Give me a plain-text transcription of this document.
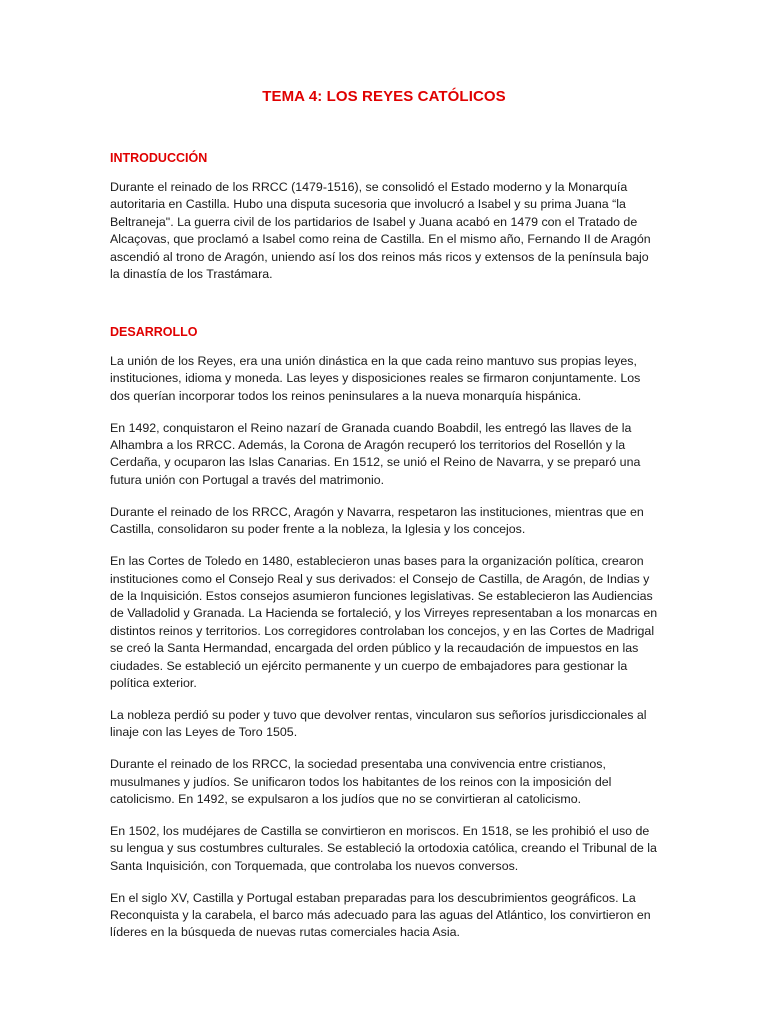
TEMA 4: LOS REYES CATÓLICOS
INTRODUCCIÓN

Durante el reinado de los RRCC (1479-1516), se consolidó el Estado moderno y la Monarquía autoritaria en Castilla. Hubo una disputa sucesoria que involucró a Isabel y su prima Juana “la Beltraneja". La guerra civil de los partidarios de Isabel y Juana acabó en 1479 con el Tratado de Alcaçovas, que proclamó a Isabel como reina de Castilla. En el mismo año, Fernando II de Aragón ascendió al trono de Aragón, uniendo así los dos reinos más ricos y extensos de la península bajo la dinastía de los Trastámara.

DESARROLLO

La unión de los Reyes, era una unión dinástica en la que cada reino mantuvo sus propias leyes, instituciones, idioma y moneda. Las leyes y disposiciones reales se firmaron conjuntamente. Los dos querían incorporar todos los reinos peninsulares a la nueva monarquía hispánica.

En 1492, conquistaron el Reino nazarí de Granada cuando Boabdil, les entregó las llaves de la Alhambra a los RRCC. Además, la Corona de Aragón recuperó los territorios del Rosellón y la Cerdaña, y ocuparon las Islas Canarias. En 1512, se unió el Reino de Navarra, y se preparó una futura unión con Portugal a través del matrimonio.

Durante el reinado de los RRCC, Aragón y Navarra, respetaron las instituciones, mientras que en Castilla, consolidaron su poder frente a la nobleza, la Iglesia y los concejos.

En las Cortes de Toledo en 1480, establecieron unas bases para la organización política, crearon instituciones como el Consejo Real y sus derivados: el Consejo de Castilla, de Aragón, de Indias y de la Inquisición. Estos consejos asumieron funciones legislativas. Se establecieron las Audiencias de Valladolid y Granada. La Hacienda se fortaleció, y los Virreyes representaban a los monarcas en distintos reinos y territorios. Los corregidores controlaban los concejos, y en las Cortes de Madrigal se creó la Santa Hermandad, encargada del orden público y la recaudación de impuestos en las ciudades. Se estableció un ejército permanente y un cuerpo de embajadores para gestionar la política exterior.

La nobleza perdió su poder y tuvo que devolver rentas, vincularon sus señoríos jurisdiccionales al linaje con las Leyes de Toro 1505.

Durante el reinado de los RRCC, la sociedad presentaba una convivencia entre cristianos, musulmanes y judíos. Se unificaron todos los habitantes de los reinos con la imposición del catolicismo. En 1492, se expulsaron a los judíos que no se convirtieran al catolicismo.

En 1502, los mudéjares de Castilla se convirtieron en moriscos. En 1518, se les prohibió el uso de su lengua y sus costumbres culturales. Se estableció la ortodoxia católica, creando el Tribunal de la Santa Inquisición, con Torquemada, que controlaba los nuevos conversos.

En el siglo XV, Castilla y Portugal estaban preparadas para los descubrimientos geográficos. La Reconquista y la carabela, el barco más adecuado para las aguas del Atlántico, los convirtieron en líderes en la búsqueda de nuevas rutas comerciales hacia Asia.
